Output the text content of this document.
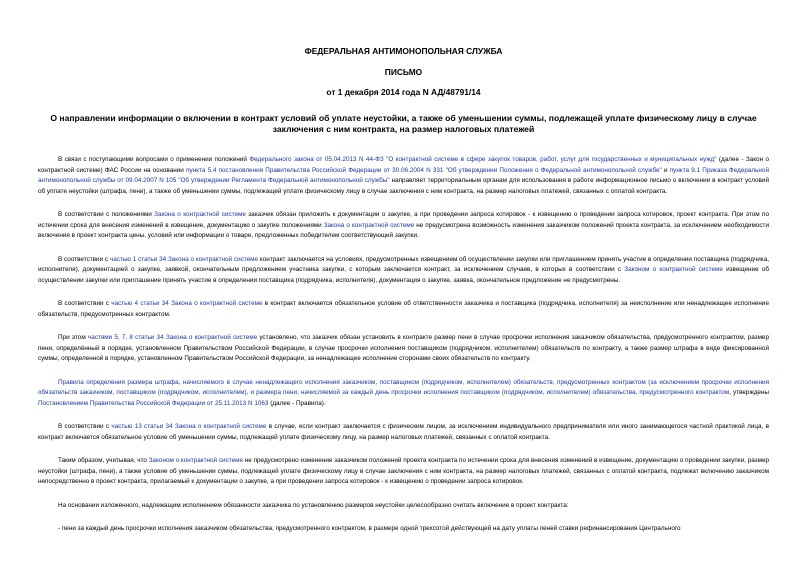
ФЕДЕРАЛЬНАЯ АНТИМОНОПОЛЬНАЯ СЛУЖБА
ПИСЬМО
от 1 декабря 2014 года N АД/48791/14
О направлении информации о включении в контракт условий об уплате неустойки, а также об уменьшении суммы, подлежащей уплате физическому лицу в случае заключения с ним контракта, на размер налоговых платежей

В связи с поступающими вопросами о применении положений Федерального закона от 05.04.2013 N 44-ФЗ "О контрактной системе в сфере закупок товаров, работ, услуг для государственных и муниципальных нужд" (далее - Закон о контрактной системе) ФАС России на основании пункта 5.4 постановления Правительства Российской Федерации от 30.06.2004 N 331 "Об утверждении Положения о Федеральной антимонопольной службе" и пункта 9.1 Приказа Федеральной антимонопольной службы от 09.04.2007 N 105 "Об утверждении Регламента Федеральной антимонопольной службы" направляет территориальным органам для использования в работе информационное письмо о включении в контракт условий об уплате неустойки (штрафа, пени), а также об уменьшении суммы, подлежащей уплате физическому лицу в случае заключения с ним контракта, на размер налоговых платежей, связанных с оплатой контракта.

В соответствии с положениями Закона о контрактной системе заказчик обязан приложить к документации о закупке, а при проведении запроса котировок - к извещению о проведении запроса котировок, проект контракта. При этом по истечении срока для внесения изменений в извещение, документацию о закупке положениями Закона о контрактной системе не предусмотрена возможность изменения заказчиком положений проекта контракта, за исключением необходимости включения в проект контракта цены, условий или информации о товаре, предложенных победителем соответствующей закупки.

В соответствии с частью 1 статьи 34 Закона о контрактной системе контракт заключается на условиях, предусмотренных извещением об осуществлении закупки или приглашением принять участие в определении поставщика (подрядчика, исполнителя), документацией о закупке, заявкой, окончательным предложением участника закупки, с которым заключается контракт, за исключением случаев, в которых в соответствии с Законом о контрактной системе извещение об осуществлении закупки или приглашение принять участие в определении поставщика (подрядчика, исполнителя), документация о закупке, заявка, окончательное предложение не предусмотрены.

В соответствии с частью 4 статьи 34 Закона о контрактной системе в контракт включается обязательное условие об ответственности заказчика и поставщика (подрядчика, исполнителя) за неисполнение или ненадлежащее исполнение обязательств, предусмотренных контрактом.

При этом частями 5, 7, 8 статьи 34 Закона о контрактной системе установлено, что заказчик обязан установить в контракте размер пени в случае просрочки исполнения заказчиком обязательства, предусмотренного контрактом, размер пени, определённый в порядке, установленном Правительством Российской Федерации, в случае просрочки исполнения поставщиком (подрядчиком, исполнителем) обязательств по контракту, а также размер штрафа в виде фиксированной суммы, определенной в порядке, установленном Правительством Российской Федерации, за ненадлежащее исполнение сторонами своих обязательств по контракту.

Правила определения размера штрафа, начисляемого в случае ненадлежащего исполнения заказчиком, поставщиком (подрядчиком, исполнителем) обязательств, предусмотренных контрактом (за исключением просрочки исполнения обязательств заказчиком, поставщиком (подрядчиком, исполнителем), и размера пени, начисляемой за каждый день просрочки исполнения поставщиком (подрядчиком, исполнителем) обязательства, предусмотренного контрактом, утверждены Постановлением Правительства Российской Федерации от 25.11.2013 N 1063 (далее - Правила).

В соответствии с частью 13 статьи 34 Закона о контрактной системе в случае, если контракт заключается с физическим лицом, за исключением индивидуального предпринимателя или иного занимающегося частной практикой лица, в контракт включается обязательное условие об уменьшении суммы, подлежащей уплате физическому лицу, на размер налоговых платежей, связанных с оплатой контракта.

Таким образом, учитывая, что Законом о контрактной системе не предусмотрено изменение заказчиком положений проекта контракта по истечении срока для внесения изменений в извещение, документацию о проведении закупки, размер неустойки (штрафа, пени), а также условие об уменьшении суммы, подлежащей уплате физическому лицу в случае заключения с ним контракта, на размер налоговых платежей, связанных с оплатой контракта, подлежат включению заказчиком непосредственно в проект контракта, прилагаемый к документации о закупке, а при проведении запроса котировок - к извещению о проведении запроса котировок.

На основании изложенного, надлежащим исполнением обязанности заказчика по установлению размеров неустойки целесообразно считать включение в проект контракта:

- пени за каждый день просрочки исполнения заказчиком обязательства, предусмотренного контрактом, в размере одной трехсотой действующей на дату уплаты пеней ставки рефинансирования Центрального
